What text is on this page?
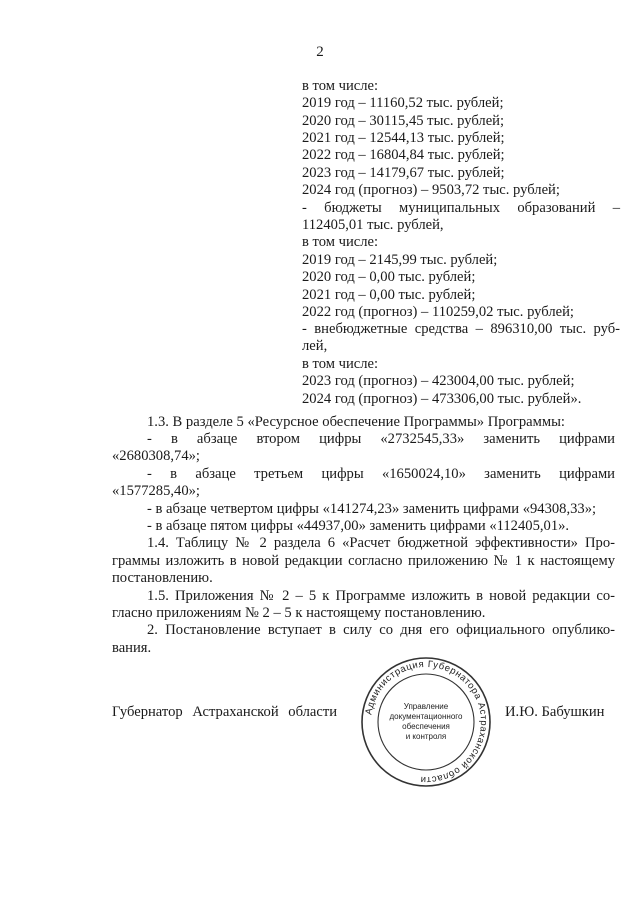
2
в том числе:
2019 год – 11160,52 тыс. рублей;
2020 год – 30115,45 тыс. рублей;
2021 год – 12544,13 тыс. рублей;
2022 год – 16804,84 тыс. рублей;
2023 год – 14179,67 тыс. рублей;
2024 год (прогноз) – 9503,72 тыс. рублей;
- бюджеты муниципальных образований –
112405,01 тыс. рублей,
в том числе:
2019 год – 2145,99 тыс. рублей;
2020 год – 0,00 тыс. рублей;
2021 год – 0,00 тыс. рублей;
2022 год (прогноз) – 110259,02 тыс. рублей;
- внебюджетные средства – 896310,00 тыс. руб-
лей,
в том числе:
2023 год (прогноз) – 423004,00 тыс. рублей;
2024 год (прогноз) – 473306,00 тыс. рублей».
1.3. В разделе 5 «Ресурсное обеспечение Программы» Программы:
- в абзаце втором цифры «2732545,33» заменить цифрами
«2680308,74»;
- в абзаце третьем цифры «1650024,10» заменить цифрами
«1577285,40»;
- в абзаце четвертом цифры «141274,23» заменить цифрами «94308,33»;
- в абзаце пятом цифры «44937,00» заменить цифрами «112405,01».
1.4. Таблицу № 2 раздела 6 «Расчет бюджетной эффективности» Про-
граммы изложить в новой редакции согласно приложению № 1 к настоящему
постановлению.
1.5. Приложения № 2 – 5 к Программе изложить в новой редакции со-
гласно приложениям № 2 – 5 к настоящему постановлению.
2. Постановление вступает в силу со дня его официального опублико-
вания.
Губернатор Астраханской области	И.Ю. Бабушкин
Администрация Губернатора Астраханской области
Управление
документационного
обеспечения
и контроля
